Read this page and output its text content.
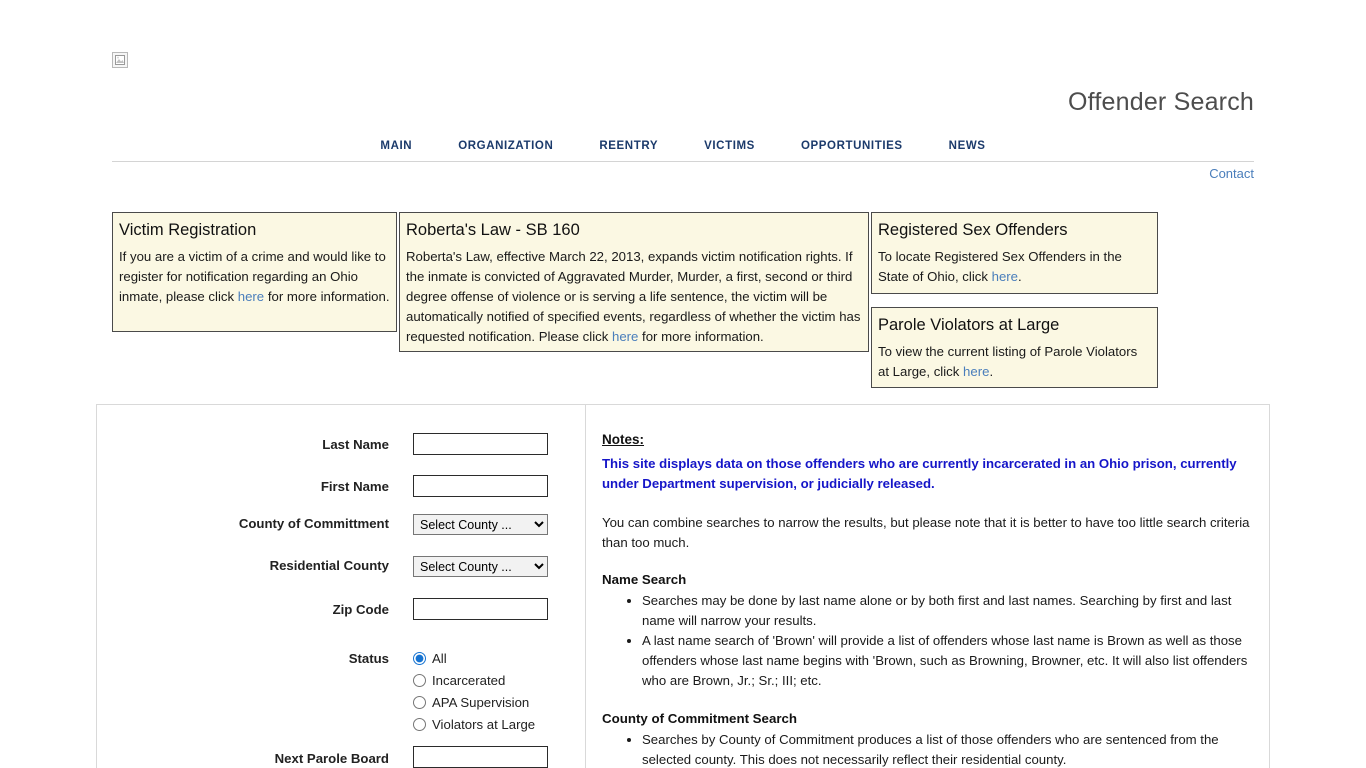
Offender Search
MAIN	ORGANIZATION	REENTRY	VICTIMS	OPPORTUNITIES	NEWS
Contact
Victim Registration

If you are a victim of a crime and would like to register for notification regarding an Ohio inmate, please click here for more information.

Roberta's Law - SB 160

Roberta's Law, effective March 22, 2013, expands victim notification rights. If the inmate is convicted of Aggravated Murder, Murder, a first, second or third degree offense of violence or is serving a life sentence, the victim will be automatically notified of specified events, regardless of whether the victim has requested notification. Please click here for more information.

Registered Sex Offenders

To locate Registered Sex Offenders in the State of Ohio, click here.

Parole Violators at Large

To view the current listing of Parole Violators at Large, click here.

Last Name
First Name
County of Committment
Select County ...
Residential County
Select County ...
Zip Code
Status	All
Incarcerated
APA Supervision
Violators at Large
Next Parole Board
Notes:
This site displays data on those offenders who are currently incarcerated in an Ohio prison, currently under Department supervision, or judicially released.
You can combine searches to narrow the results, but please note that it is better to have too little search criteria than too much.
Name Search
• Searches may be done by last name alone or by both first and last names. Searching by first and last name will narrow your results.
• A last name search of 'Brown' will provide a list of offenders whose last name is Brown as well as those offenders whose last name begins with 'Brown, such as Browning, Browner, etc. It will also list offenders who are Brown, Jr.; Sr.; III; etc.
County of Commitment Search
• Searches by County of Commitment produces a list of those offenders who are sentenced from the selected county. This does not necessarily reflect their residential county.
